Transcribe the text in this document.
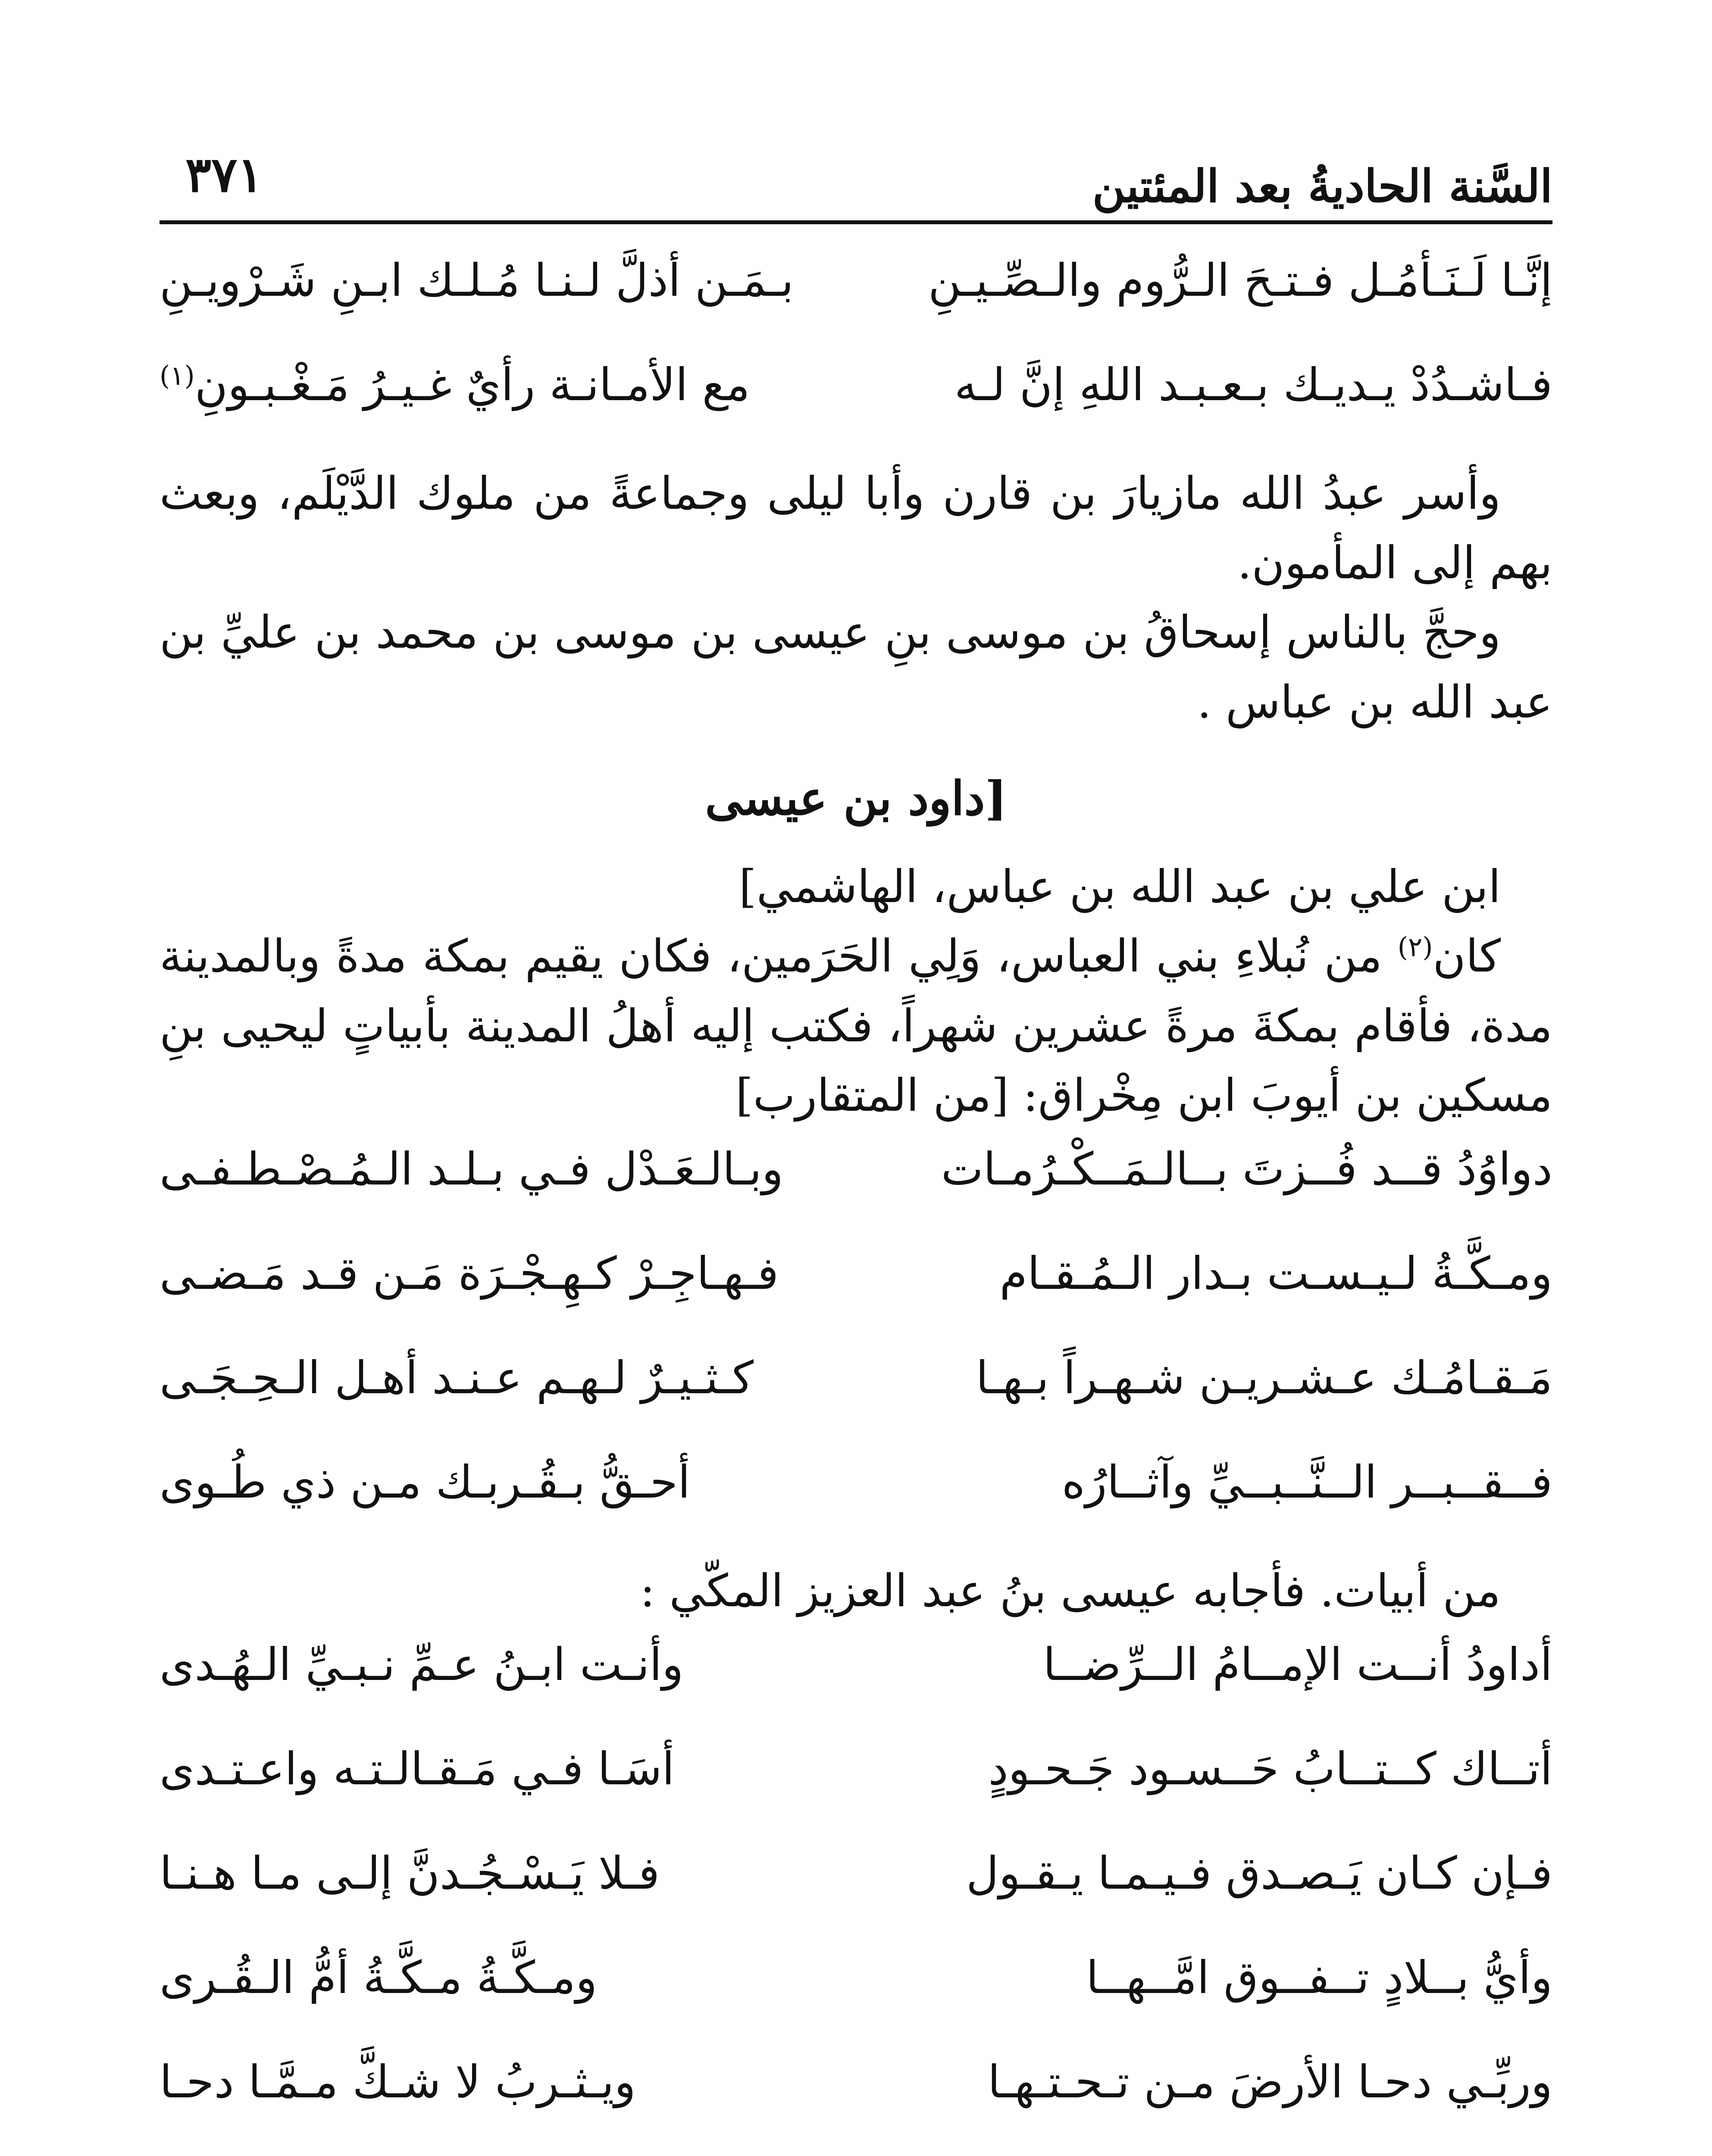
السَّنة الحاديةُ بعد المئتين
٣٧١
إنَّـا لَـنَـأمُـل فـتـحَ الـرُّوم والـصِّـيـنِ
بـمَـن أذلَّ لـنـا مُـلـك ابـنِ شَـرْويـنِ
فـاشـدُدْ يـديـك بـعـبـد اللهِ إنَّ لـه
مع الأمـانـة رأيٌ غـيـرُ مَـغْـبـونِ$^{(١)}$

وأسر عبدُ الله مازيارَ بن قارن وأبا ليلى وجماعةً من ملوك الدَّيْلَم، وبعث بهم إلى المأمون.

وحجَّ بالناس إسحاقُ بن موسى بنِ عيسى بن موسى بن محمد بن عليِّ بن عبد الله بن عباس .

[داود بن عيسى

ابن علي بن عبد الله بن عباس، الهاشمي]

كان$^{(٢)}$ من نُبلاءِ بني العباس، وَلِي الحَرَمين، فكان يقيم بمكة مدةً وبالمدينة مدة، فأقام بمكةَ مرةً عشرين شهراً، فكتب إليه أهلُ المدينة بأبياتٍ ليحيى بنِ مسكين بن أيوبَ ابن مِخْراق: [من المتقارب]

دواوُدُ قــد فُــزتَ بــالـمَــكْـرُمـات
وبـالـعَـدْل فـي بـلـد الـمُـصْـطـفـى
ومـكَّـةُ لـيـسـت بـدار الـمُـقـام
فـهـاجِـرْ كـهِـجْـرَة مَـن قـد مَـضـى
مَـقـامُـك عـشـريـن شـهـراً بـهـا
كـثـيـرٌ لـهـم عـنـد أهـل الـحِـجَـى
فــقــبــر الــنَّــبــيِّ وآثــارُه
أحـقُّ بـقُـربـك مـن ذي طُـوى

من أبيات. فأجابه عيسى بنُ عبد العزيز المكّي :

أداودُ أنــت الإمــامُ الــرِّضــا
وأنـت ابـنُ عـمِّ نـبـيِّ الـهُـدى
أتــاك كــتــابُ حَــسـود جَـحـودٍ
أسَـا فـي مَـقـالـتـه واعـتـدى
فـإن كـان يَـصـدق فـيـمـا يـقـول
فـلا يَـسْـجُـدنَّ إلـى مـا هـنـا
وأيُّ بــلادٍ تــفــوق امَّــهــا
ومـكَّـةُ مـكَّـةُ أمُّ الـقُـرى
وربِّـي دحـا الأرضَ مـن تـحـتـهـا
ويـثـربُ لا شـكَّ مـمَّـا دحـا
